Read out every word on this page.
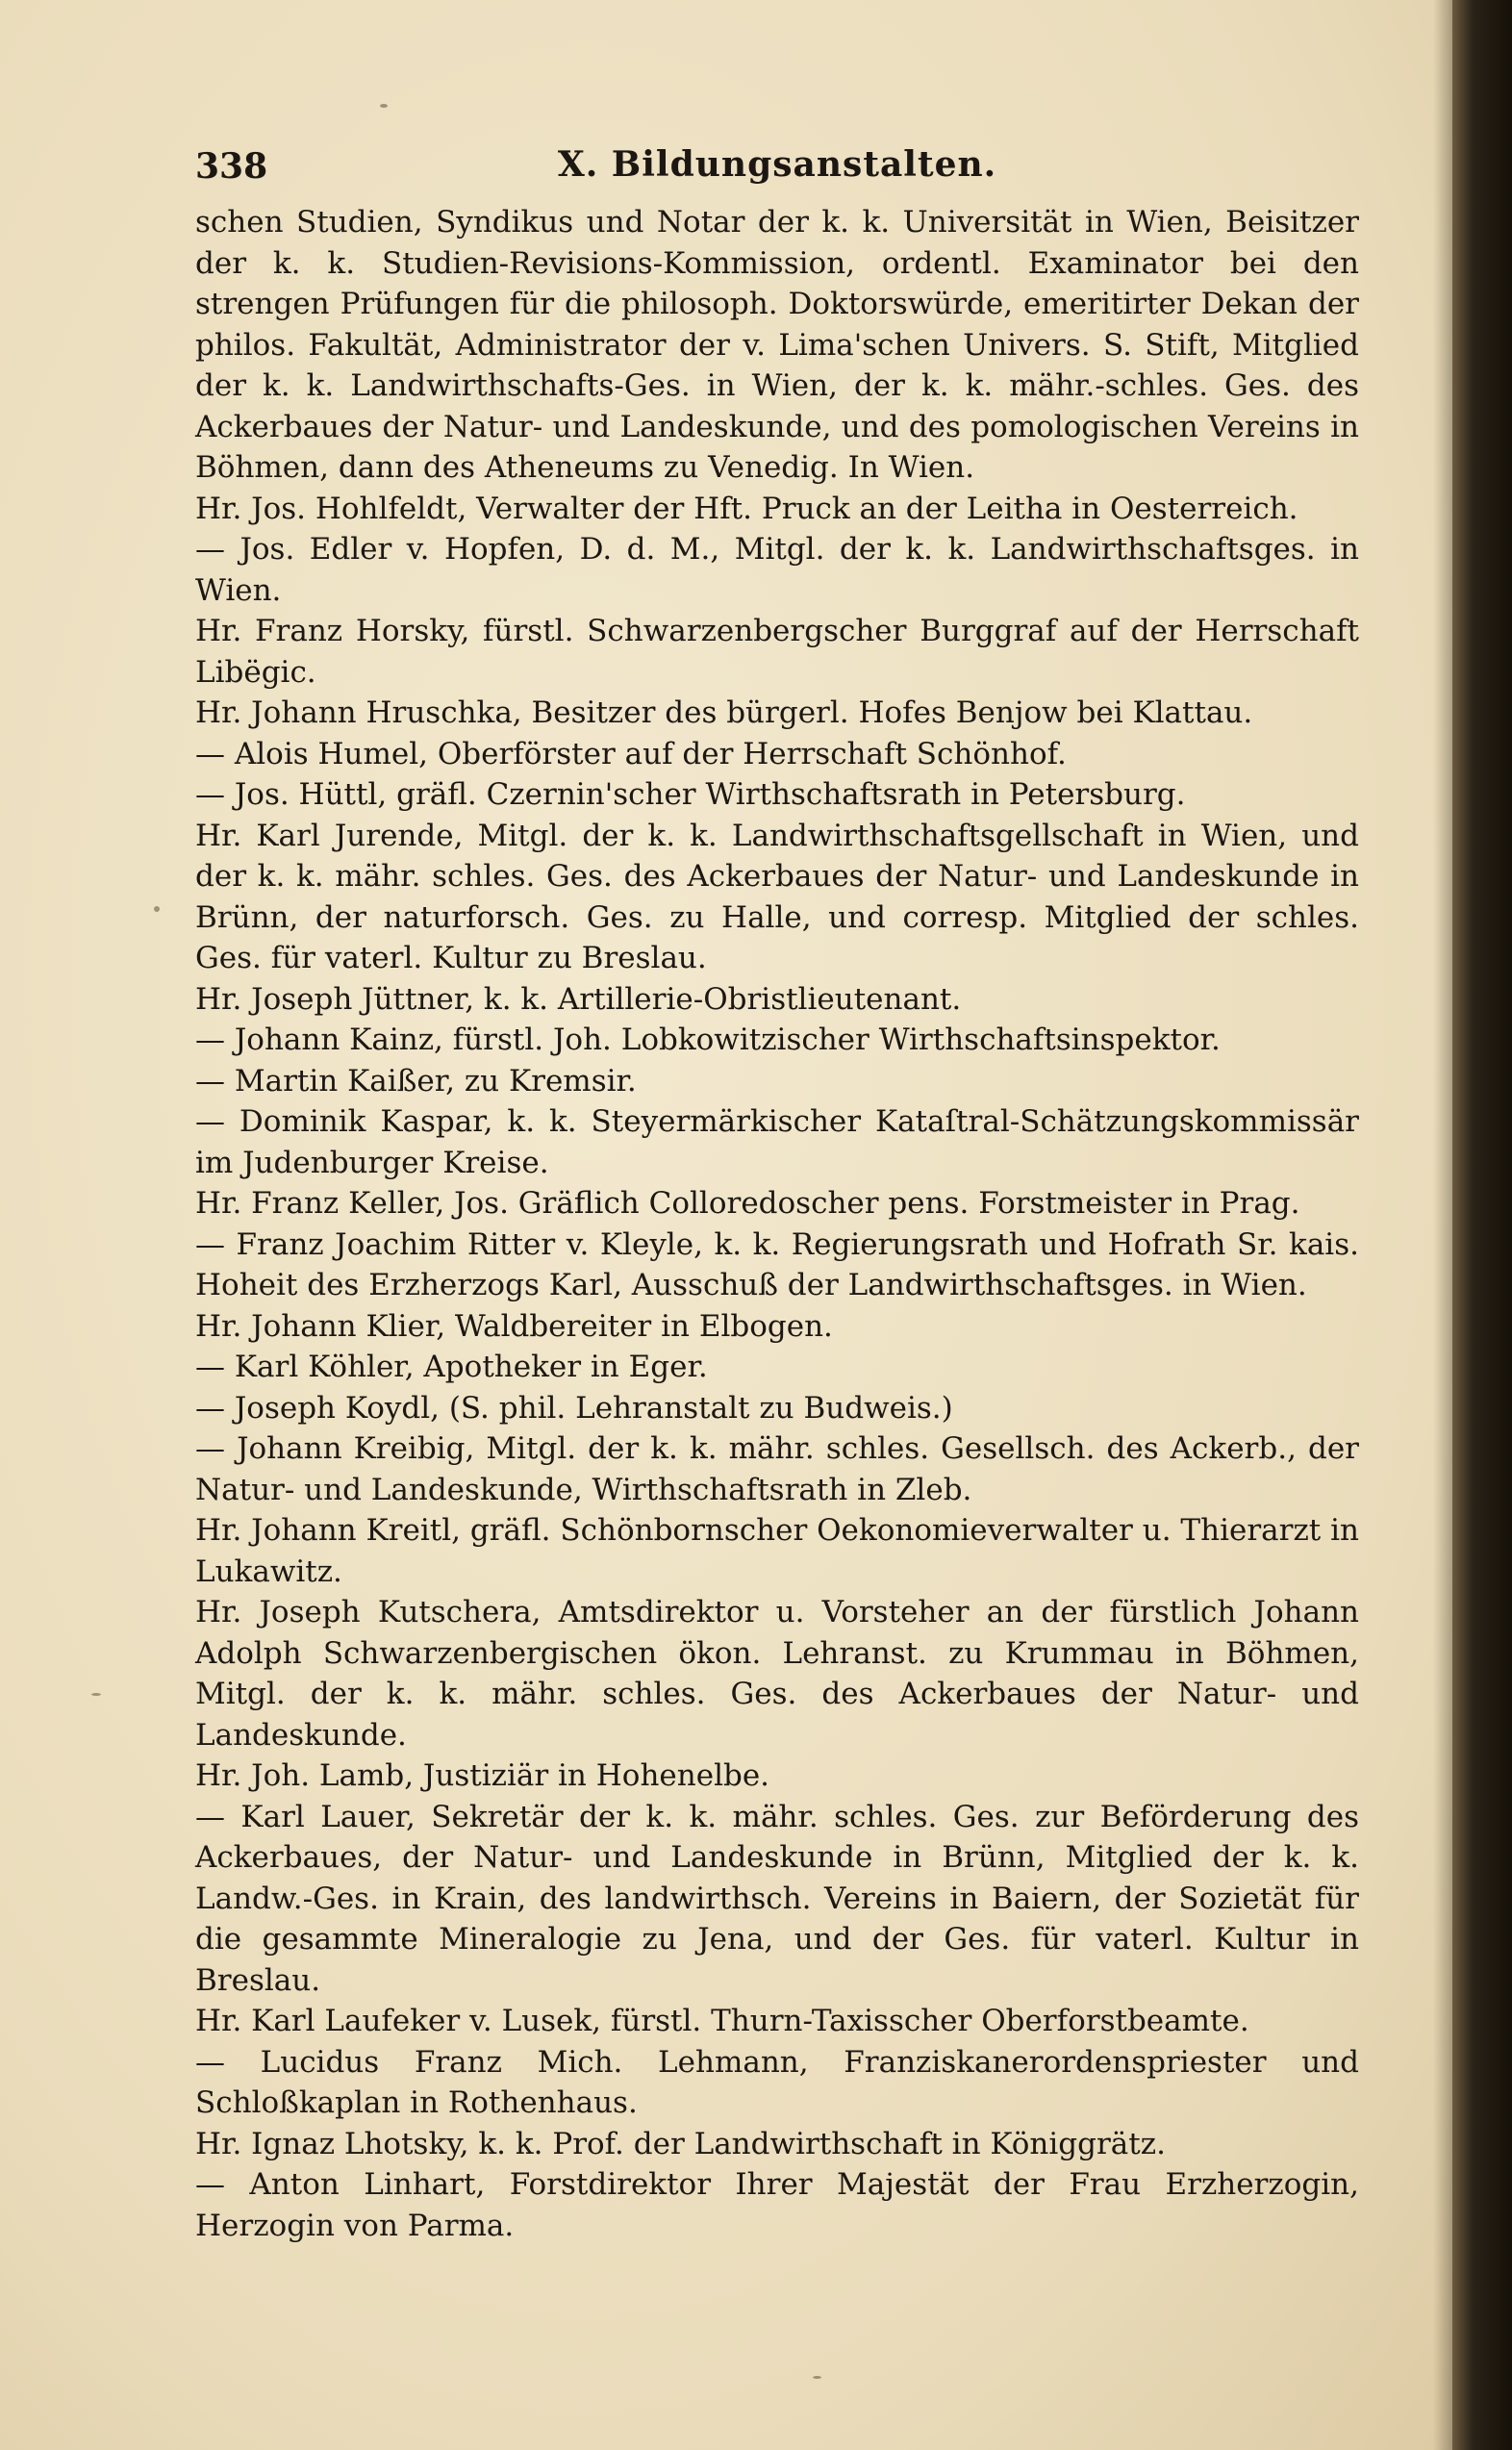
338	X. Bildungsanstalten.

schen Studien, Syndikus und Notar der k. k. Universität in Wien, Beisitzer der k. k. Studien-Revisions-Kommission, ordentl. Examinator bei den strengen Prüfungen für die philosoph. Doktorswürde, emeritirter Dekan der philos. Fakultät, Administrator der v. Lima'schen Univers. S. Stift, Mitglied der k. k. Landwirthschafts-Ges. in Wien, der k. k. mähr.-schles. Ges. des Ackerbaues der Natur- und Landeskunde, und des pomologischen Vereins in Böhmen, dann des Atheneums zu Venedig. In Wien.

Hr. Jos. Hohlfeldt, Verwalter der Hft. Pruck an der Leitha in Oesterreich.

— Jos. Edler v. Hopfen, D. d. M., Mitgl. der k. k. Landwirthschaftsges. in Wien.

Hr. Franz Horsky, fürstl. Schwarzenbergscher Burggraf auf der Herrschaft Libëgic.

Hr. Johann Hruschka, Besitzer des bürgerl. Hofes Benjow bei Klattau.

— Alois Humel, Oberförster auf der Herrschaft Schönhof.

— Jos. Hüttl, gräfl. Czernin'scher Wirthschaftsrath in Petersburg.

Hr. Karl Jurende, Mitgl. der k. k. Landwirthschaftsgellschaft in Wien, und der k. k. mähr. schles. Ges. des Ackerbaues der Natur- und Landeskunde in Brünn, der naturforsch. Ges. zu Halle, und corresp. Mitglied der schles. Ges. für vaterl. Kultur zu Breslau.

Hr. Joseph Jüttner, k. k. Artillerie-Obristlieutenant.

— Johann Kainz, fürstl. Joh. Lobkowitzischer Wirthschaftsinspektor.

— Martin Kaißer, zu Kremsir.

— Dominik Kaspar, k. k. Steyermärkischer Kataſtral-Schätzungskommissär im Judenburger Kreise.

Hr. Franz Keller, Jos. Gräflich Colloredoscher pens. Forstmeister in Prag.

— Franz Joachim Ritter v. Kleyle, k. k. Regierungsrath und Hofrath Sr. kais. Hoheit des Erzherzogs Karl, Ausschuß der Landwirthschaftsges. in Wien.

Hr. Johann Klier, Waldbereiter in Elbogen.

— Karl Köhler, Apotheker in Eger.

— Joseph Koydl, (S. phil. Lehranstalt zu Budweis.)

— Johann Kreibig, Mitgl. der k. k. mähr. schles. Gesellsch. des Ackerb., der Natur- und Landeskunde, Wirthschaftsrath in Zleb.

Hr. Johann Kreitl, gräfl. Schönbornscher Oekonomieverwalter u. Thierarzt in Lukawitz.

Hr. Joseph Kutschera, Amtsdirektor u. Vorsteher an der fürstlich Johann Adolph Schwarzenbergischen ökon. Lehranst. zu Krummau in Böhmen, Mitgl. der k. k. mähr. schles. Ges. des Ackerbaues der Natur- und Landeskunde.

Hr. Joh. Lamb, Justiziär in Hohenelbe.

— Karl Lauer, Sekretär der k. k. mähr. schles. Ges. zur Beförderung des Ackerbaues, der Natur- und Landeskunde in Brünn, Mitglied der k. k. Landw.-Ges. in Krain, des landwirthsch. Vereins in Baiern, der Sozietät für die gesammte Mineralogie zu Jena, und der Ges. für vaterl. Kultur in Breslau.

Hr. Karl Laufeker v. Lusek, fürstl. Thurn-Taxisscher Oberforstbeamte.

— Lucidus Franz Mich. Lehmann, Franziskanerordenspriester und Schloßkaplan in Rothenhaus.

Hr. Ignaz Lhotsky, k. k. Prof. der Landwirthschaft in Königgrätz.

— Anton Linhart, Forstdirektor Ihrer Majestät der Frau Erzherzogin, Herzogin von Parma.
